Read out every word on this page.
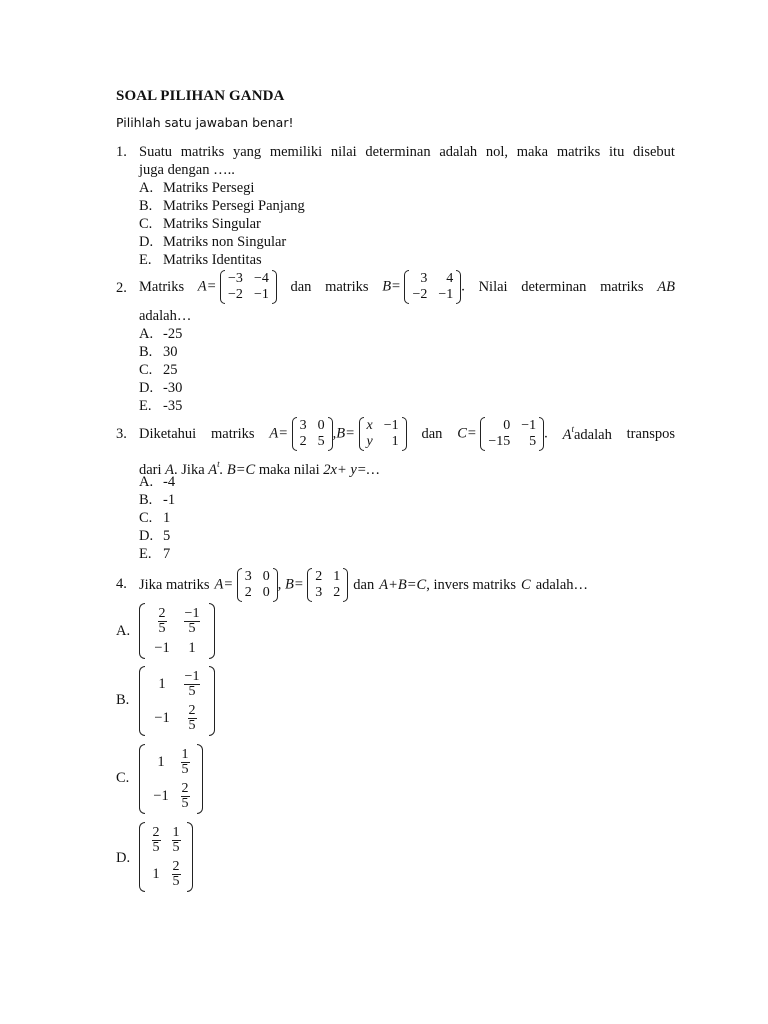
SOAL PILIHAN GANDA
Pilihlah satu jawaban benar!
1. Suatu matriks yang memiliki nilai determinan adalah nol, maka matriks itu disebut
juga dengan …..
A. Matriks Persegi
B. Matriks Persegi Panjang
C. Matriks Singular
D. Matriks non Singular
E. Matriks Identitas
2. Matriks A= −3 −4
−2 −1 dan matriks B=	3	4
−2 −1
. Nilai determinan matriks AB
adalah…
A. -25
B. 30
C. 25
D. -30
E. -35
3. Diketahui matriks A= 3 0
2 5
,B= x −1
y	1 dan C=	0 −1
−15	5
. $A^tadalah$ transpos
dari A. Jika $A^t$. B=C maka nilai 2x+ y=…
A. -4
B. -1
C. 1
D. 5
E. 7
4. Jika matriks A= 3 0
2 0
, B= 2 1
3 2 dan A+B=C , invers matriks C adalah…
A. $\frac{2}{5} \frac{-1}{5}$
−1	1
B.
1	$\frac{-1}{5}$
−1	$\frac{2}{5}$
C.
1	$\frac{1}{5}$
$-1 \frac{2}{5}$
D.
$\frac{2}{5} \frac{1}{5}$
$1 \frac{2}{5}$
